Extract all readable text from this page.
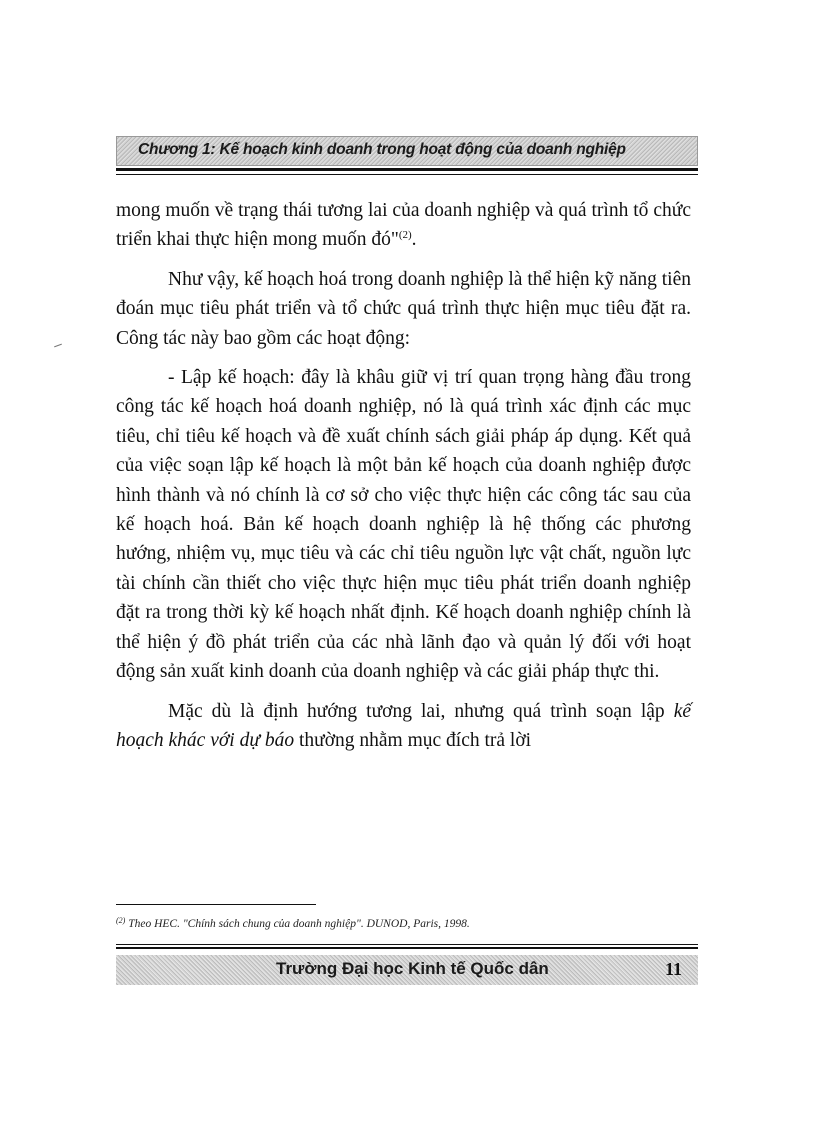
Chương 1: Kế hoạch kinh doanh trong hoạt động của doanh nghiệp

mong muốn về trạng thái tương lai của doanh nghiệp và quá trình tổ chức triển khai thực hiện mong muốn đó"$^{(2)}$.

Như vậy, kế hoạch hoá trong doanh nghiệp là thể hiện kỹ năng tiên đoán mục tiêu phát triển và tổ chức quá trình thực hiện mục tiêu đặt ra. Công tác này bao gồm các hoạt động:

- Lập kế hoạch: đây là khâu giữ vị trí quan trọng hàng đầu trong công tác kế hoạch hoá doanh nghiệp, nó là quá trình xác định các mục tiêu, chỉ tiêu kế hoạch và đề xuất chính sách giải pháp áp dụng. Kết quả của việc soạn lập kế hoạch là một bản kế hoạch của doanh nghiệp được hình thành và nó chính là cơ sở cho việc thực hiện các công tác sau của kế hoạch hoá. Bản kế hoạch doanh nghiệp là hệ thống các phương hướng, nhiệm vụ, mục tiêu và các chỉ tiêu nguồn lực vật chất, nguồn lực tài chính cần thiết cho việc thực hiện mục tiêu phát triển doanh nghiệp đặt ra trong thời kỳ kế hoạch nhất định. Kế hoạch doanh nghiệp chính là thể hiện ý đồ phát triển của các nhà lãnh đạo và quản lý đối với hoạt động sản xuất kinh doanh của doanh nghiệp và các giải pháp thực thi.

Mặc dù là định hướng tương lai, nhưng quá trình soạn lập kế hoạch khác với dự báo thường nhằm mục đích trả lời

$^{(2)}$ Theo HEC. "Chính sách chung của doanh nghiệp". DUNOD, Paris, 1998.
Trường Đại học Kinh tế Quốc dân	11
